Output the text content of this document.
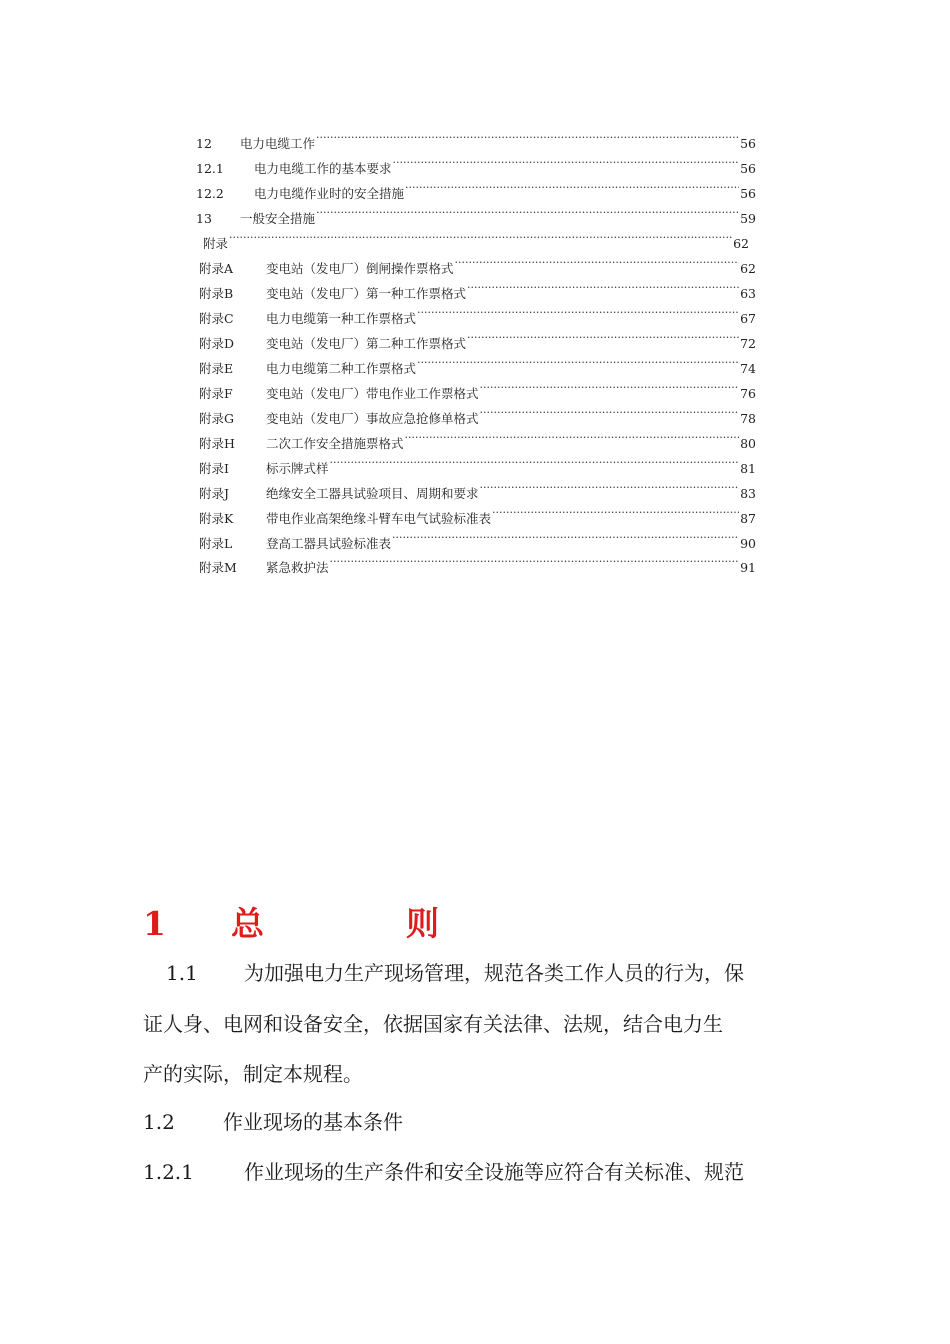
12	电力电缆工作 ·····	56
12.1	电力电缆工作的基本要求 ·····	56
12.2	电力电缆作业时的安全措施 ·····	56
13	一般安全措施 ·····	59
附录 ·····	62
附录A	变电站（发电厂）倒闸操作票格式 ·····	62
附录B	变电站（发电厂）第一种工作票格式 ·····	63
附录C	电力电缆第一种工作票格式 ·····	67
附录D	变电站（发电厂）第二种工作票格式 ·····	72
附录E	电力电缆第二种工作票格式 ·····	74
附录F	变电站（发电厂）带电作业工作票格式 ·····	76
附录G	变电站（发电厂）事故应急抢修单格式 ·····	78
附录H	二次工作安全措施票格式 ·····	80
附录I	标示牌式样 ·····	81
附录J	绝缘安全工器具试验项目、周期和要求 ·····	83
附录K	带电作业高架绝缘斗臂车电气试验标准表 ·····	87
附录L	登高工器具试验标准表 ·····	90
附录M	紧急救护法 ·····	91
1 总	则
1.1 为加强电力生产现场管理，规范各类工作人员的行为，保
证人身、电网和设备安全，依据国家有关法律、法规，结合电力生
产的实际，制定本规程。
1.2 作业现场的基本条件
1.2.1	作业现场的生产条件和安全设施等应符合有关标准、规范
